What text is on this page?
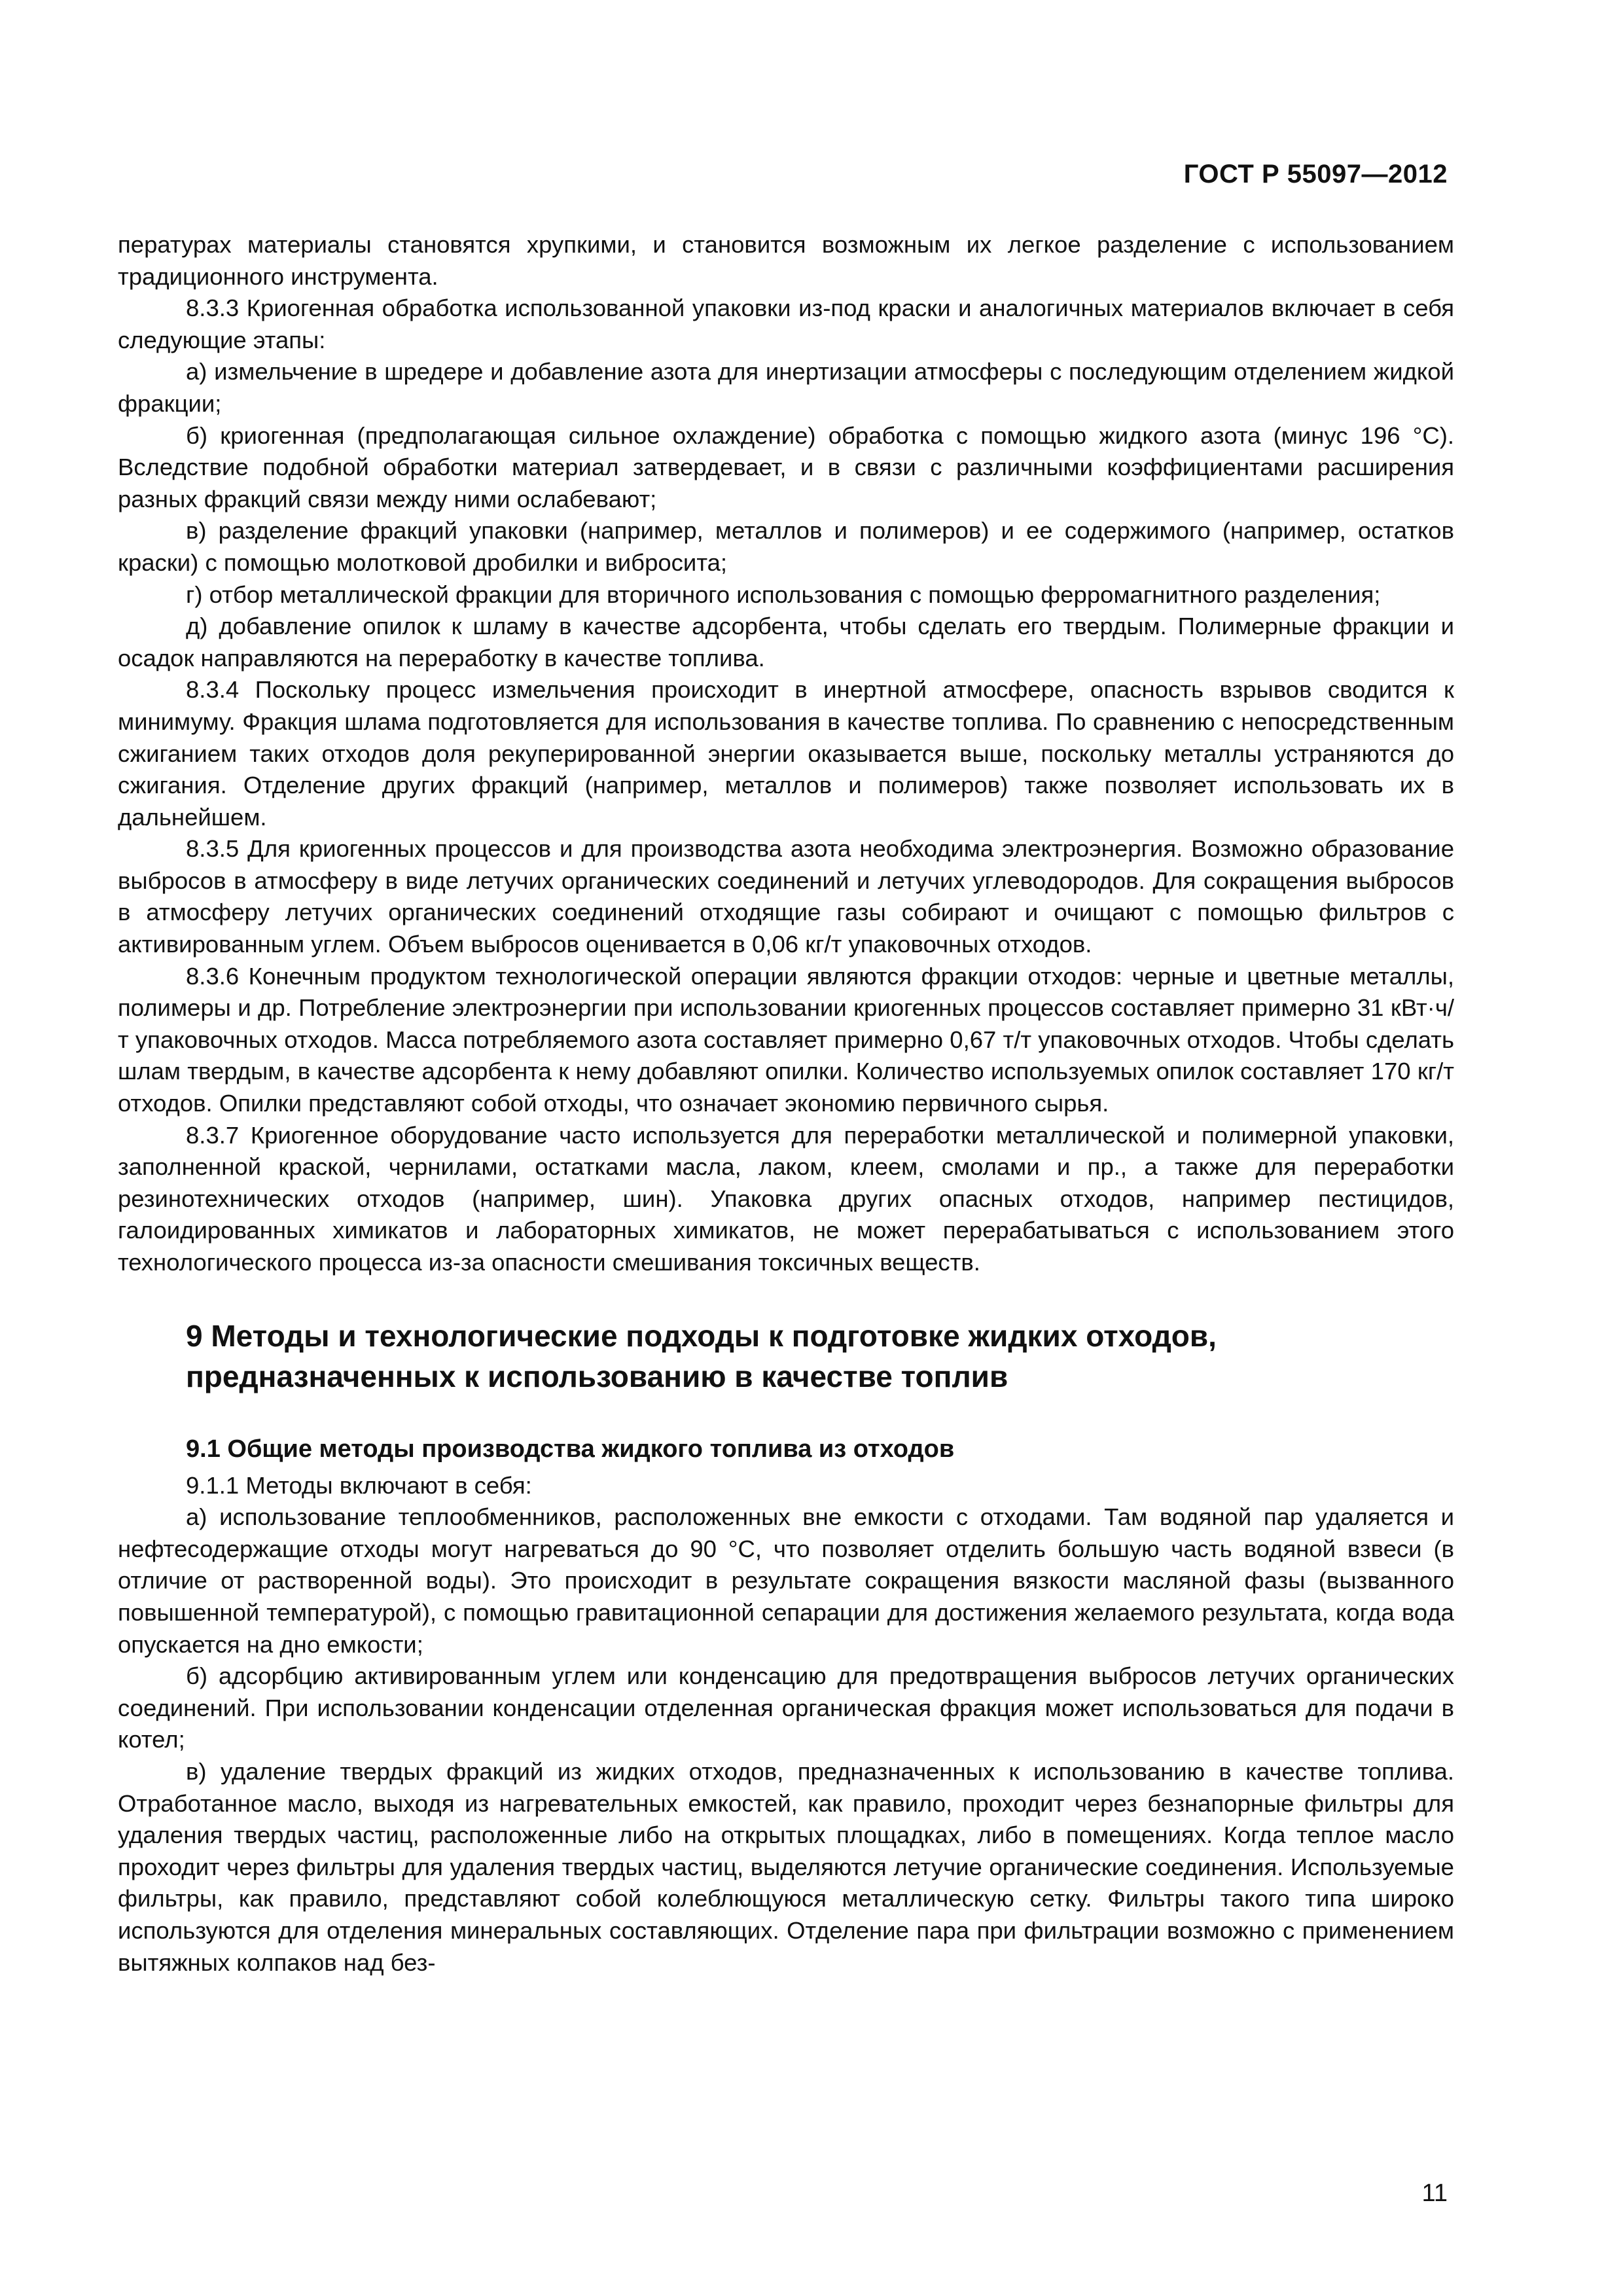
ГОСТ Р 55097—2012

пературах материалы становятся хрупкими, и становится возможным их легкое разделение с использованием традиционного инструмента.

8.3.3 Криогенная обработка использованной упаковки из-под краски и аналогичных материалов включает в себя следующие этапы:

а) измельчение в шредере и добавление азота для инертизации атмосферы с последующим отделением жидкой фракции;

б) криогенная (предполагающая сильное охлаждение) обработка с помощью жидкого азота (минус 196 °С). Вследствие подобной обработки материал затвердевает, и в связи с различными коэффициентами расширения разных фракций связи между ними ослабевают;

в) разделение фракций упаковки (например, металлов и полимеров) и ее содержимого (например, остатков краски) с помощью молотковой дробилки и вибросита;

г) отбор металлической фракции для вторичного использования с помощью ферромагнитного разделения;

д) добавление опилок к шламу в качестве адсорбента, чтобы сделать его твердым. Полимерные фракции и осадок направляются на переработку в качестве топлива.

8.3.4 Поскольку процесс измельчения происходит в инертной атмосфере, опасность взрывов сводится к минимуму. Фракция шлама подготовляется для использования в качестве топлива. По сравнению с непосредственным сжиганием таких отходов доля рекуперированной энергии оказывается выше, поскольку металлы устраняются до сжигания. Отделение других фракций (например, металлов и полимеров) также позволяет использовать их в дальнейшем.

8.3.5 Для криогенных процессов и для производства азота необходима электроэнергия. Возможно образование выбросов в атмосферу в виде летучих органических соединений и летучих углеводородов. Для сокращения выбросов в атмосферу летучих органических соединений отходящие газы собирают и очищают с помощью фильтров с активированным углем. Объем выбросов оценивается в 0,06 кг/т упаковочных отходов.

8.3.6 Конечным продуктом технологической операции являются фракции отходов: черные и цветные металлы, полимеры и др. Потребление электроэнергии при использовании криогенных процессов составляет примерно 31 кВт·ч/т упаковочных отходов. Масса потребляемого азота составляет примерно 0,67 т/т упаковочных отходов. Чтобы сделать шлам твердым, в качестве адсорбента к нему добавляют опилки. Количество используемых опилок составляет 170 кг/т отходов. Опилки представляют собой отходы, что означает экономию первичного сырья.

8.3.7 Криогенное оборудование часто используется для переработки металлической и полимерной упаковки, заполненной краской, чернилами, остатками масла, лаком, клеем, смолами и пр., а также для переработки резинотехнических отходов (например, шин). Упаковка других опасных отходов, например пестицидов, галоидированных химикатов и лабораторных химикатов, не может перерабатываться с использованием этого технологического процесса из-за опасности смешивания токсичных веществ.

9 Методы и технологические подходы к подготовке жидких отходов, предназначенных к использованию в качестве топлив

9.1 Общие методы производства жидкого топлива из отходов

9.1.1 Методы включают в себя:

а) использование теплообменников, расположенных вне емкости с отходами. Там водяной пар удаляется и нефтесодержащие отходы могут нагреваться до 90 °С, что позволяет отделить большую часть водяной взвеси (в отличие от растворенной воды). Это происходит в результате сокращения вязкости масляной фазы (вызванного повышенной температурой), с помощью гравитационной сепарации для достижения желаемого результата, когда вода опускается на дно емкости;

б) адсорбцию активированным углем или конденсацию для предотвращения выбросов летучих органических соединений. При использовании конденсации отделенная органическая фракция может использоваться для подачи в котел;

в) удаление твердых фракций из жидких отходов, предназначенных к использованию в качестве топлива. Отработанное масло, выходя из нагревательных емкостей, как правило, проходит через безнапорные фильтры для удаления твердых частиц, расположенные либо на открытых площадках, либо в помещениях. Когда теплое масло проходит через фильтры для удаления твердых частиц, выделяются летучие органические соединения. Используемые фильтры, как правило, представляют собой колеблющуюся металлическую сетку. Фильтры такого типа широко используются для отделения минеральных составляющих. Отделение пара при фильтрации возможно с применением вытяжных колпаков над без-

11
